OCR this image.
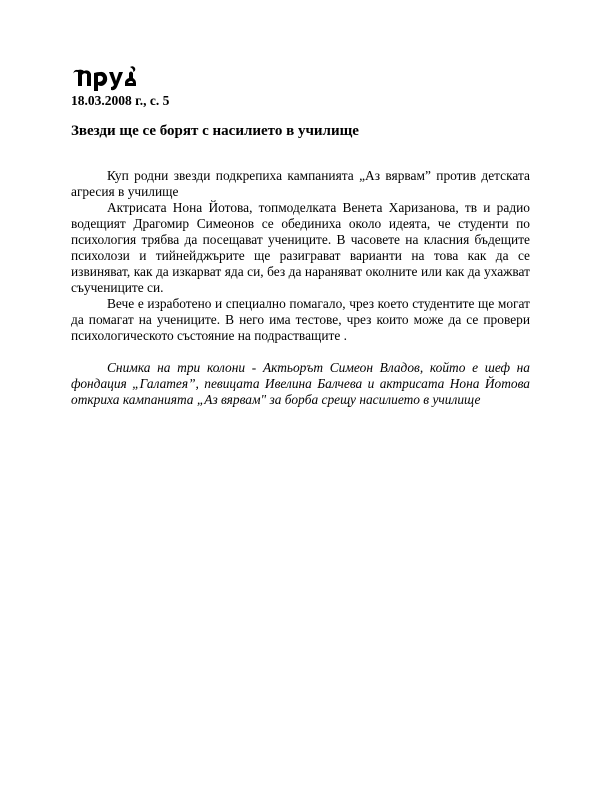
18.03.2008 г., с. 5
Звезди ще се борят с насилието в училище

Куп родни звезди подкрепиха кампанията „Аз вярвам” против детската агресия в училище

Актрисата Нона Йотова, топмоделката Венета Харизанова, тв и радио водещият Драгомир Симеонов се обединиха около идеята, че студенти по психология трябва да посещават учениците. В часовете на класния бъдещите психолози и тийнейджърите ще разиграват варианти на това как да се извиняват, как да изкарват яда си, без да наранявaт околните или как да ухажват съучениците си.

Вече е изработено и специално помагало, чрез което студентите ще могат да помагат на учениците. В него има тестове, чрез които може да се провери психологическото състояние на подрастващите .

Снимка на три колони - Актьорът Симеон Владов, който е шеф на фондация „Галатея”, певицата Ивелина Балчева и актрисата Нона Йотова откриха кампанията „Аз вярвам" за борба срещу насилието в училище
